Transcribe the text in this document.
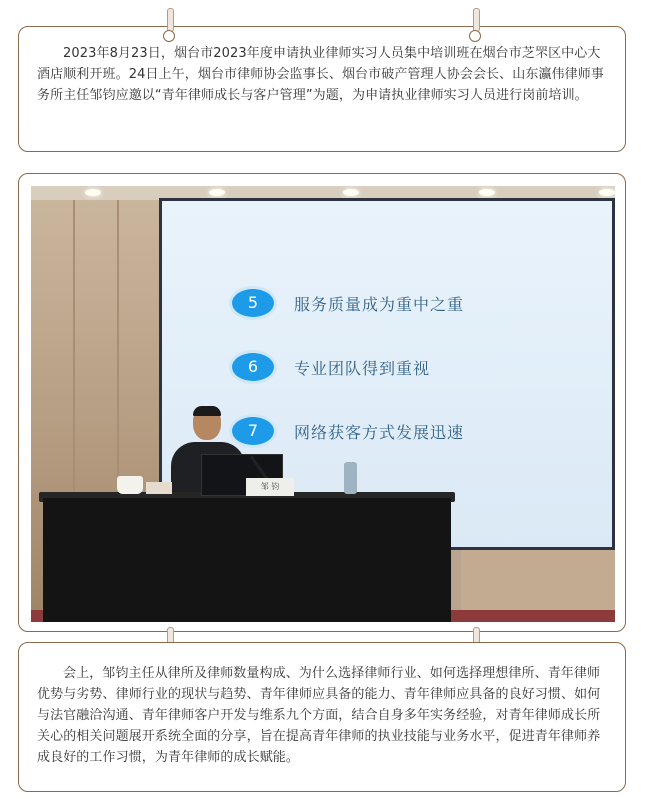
2023年8月23日，烟台市2023年度申请执业律师实习人员集中培训班在烟台市芝罘区中心大酒店顺利开班。24日上午，烟台市律师协会监事长、烟台市破产管理人协会会长、山东瀛伟律师事务所主任邹钧应邀以“青年律师成长与客户管理”为题，为申请执业律师实习人员进行岗前培训。

5	服务质量成为重中之重
6	专业团队得到重视
7	网络获客方式发展迅速
邹 钧

会上，邹钧主任从律所及律师数量构成、为什么选择律师行业、如何选择理想律所、青年律师优势与劣势、律师行业的现状与趋势、青年律师应具备的能力、青年律师应具备的良好习惯、如何与法官融洽沟通、青年律师客户开发与维系九个方面，结合自身多年实务经验，对青年律师成长所关心的相关问题展开系统全面的分享，旨在提高青年律师的执业技能与业务水平，促进青年律师养成良好的工作习惯，为青年律师的成长赋能。
